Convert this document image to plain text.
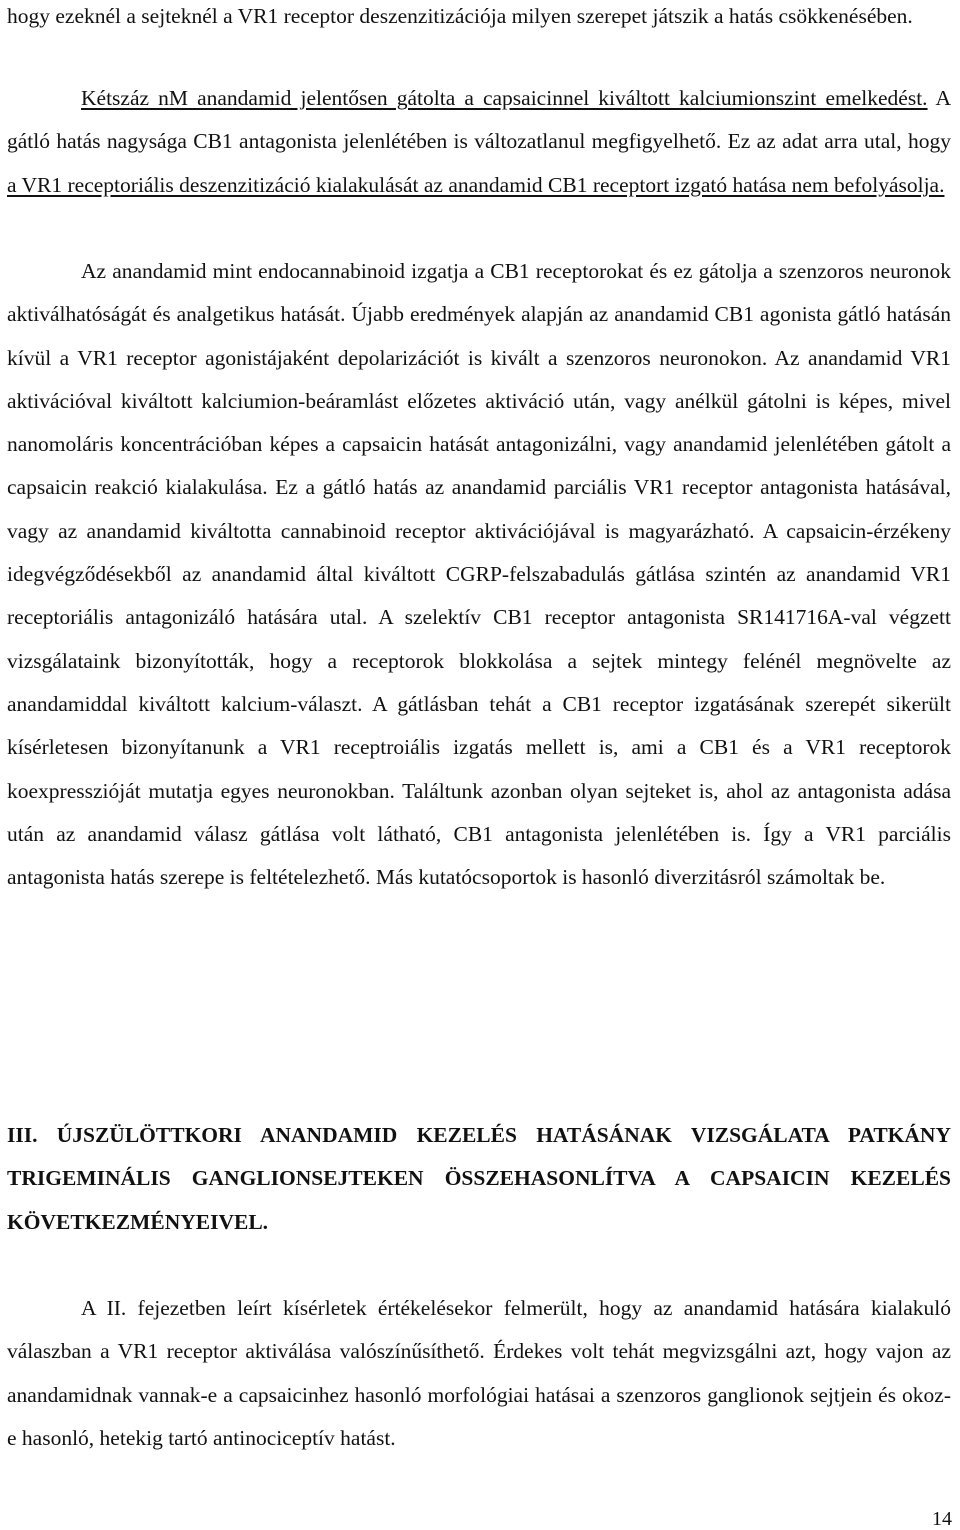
hogy ezeknél a sejteknél a VR1 receptor deszenzitizációja milyen szerepet játszik a hatás csökkenésében.

Kétszáz nM anandamid jelentősen gátolta a capsaicinnel kiváltott kalciumionszint emelkedést. A gátló hatás nagysága CB1 antagonista jelenlétében is változatlanul megfigyelhető. Ez az adat arra utal, hogy a VR1 receptoriális deszenzitizáció kialakulását az anandamid CB1 receptort izgató hatása nem befolyásolja.

Az anandamid mint endocannabinoid izgatja a CB1 receptorokat és ez gátolja a szenzoros neuronok aktiválhatóságát és analgetikus hatását. Újabb eredmények alapján az anandamid CB1 agonista gátló hatásán kívül a VR1 receptor agonistájaként depolarizációt is kivált a szenzoros neuronokon. Az anandamid VR1 aktivációval kiváltott kalciumion-beáramlást előzetes aktiváció után, vagy anélkül gátolni is képes, mivel nanomoláris koncentrációban képes a capsaicin hatását antagonizálni, vagy anandamid jelenlétében gátolt a capsaicin reakció kialakulása. Ez a gátló hatás az anandamid parciális VR1 receptor antagonista hatásával, vagy az anandamid kiváltotta cannabinoid receptor aktivációjával is magyarázható. A capsaicin-érzékeny idegvégződésekből az anandamid által kiváltott CGRP-felszabadulás gátlása szintén az anandamid VR1 receptoriális antagonizáló hatására utal. A szelektív CB1 receptor antagonista SR141716A-val végzett vizsgálataink bizonyították, hogy a receptorok blokkolása a sejtek mintegy felénél megnövelte az anandamiddal kiváltott kalcium-választ. A gátlásban tehát a CB1 receptor izgatásának szerepét sikerült kísérletesen bizonyítanunk a VR1 receptroiális izgatás mellett is, ami a CB1 és a VR1 receptorok koexpresszióját mutatja egyes neuronokban. Találtunk azonban olyan sejteket is, ahol az antagonista adása után az anandamid válasz gátlása volt látható, CB1 antagonista jelenlétében is. Így a VR1 parciális antagonista hatás szerepe is feltételezhető. Más kutatócsoportok is hasonló diverzitásról számoltak be.

III. ÚJSZÜLÖTTKORI ANANDAMID KEZELÉS HATÁSÁNAK VIZSGÁLATA PATKÁNY TRIGEMINÁLIS GANGLIONSEJTEKEN ÖSSZEHASONLÍTVA A CAPSAICIN KEZELÉS KÖVETKEZMÉNYEIVEL.

A II. fejezetben leírt kísérletek értékelésekor felmerült, hogy az anandamid hatására kialakuló válaszban a VR1 receptor aktiválása valószínűsíthető. Érdekes volt tehát megvizsgálni azt, hogy vajon az anandamidnak vannak-e a capsaicinhez hasonló morfológiai hatásai a szenzoros ganglionok sejtjein és okoz-e hasonló, hetekig tartó antinociceptív hatást.

14
